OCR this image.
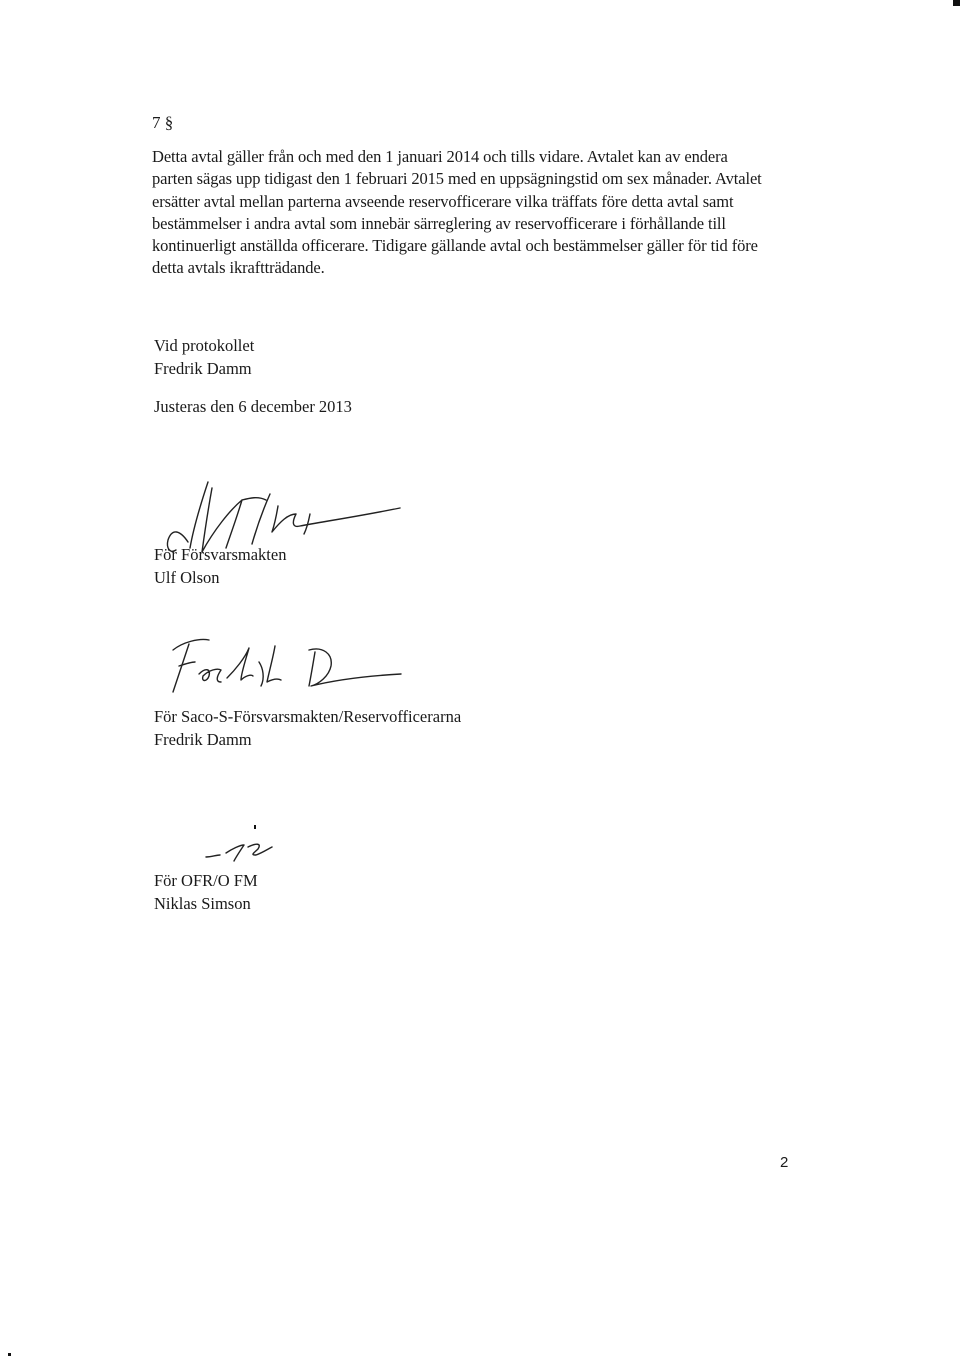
7 §
Detta avtal gäller från och med den 1 januari 2014 och tills vidare. Avtalet kan av endera
parten sägas upp tidigast den 1 februari 2015 med en uppsägningstid om sex månader. Avtalet
ersätter avtal mellan parterna avseende reservofficerare vilka träffats före detta avtal samt
bestämmelser i andra avtal som innebär särreglering av reservofficerare i förhållande till
kontinuerligt anställda officerare. Tidigare gällande avtal och bestämmelser gäller för tid före
detta avtals ikraftträdande.
Vid protokollet
Fredrik Damm
Justeras den 6 december 2013
För Försvarsmakten
Ulf Olson
För Saco-S-Försvarsmakten/Reservofficerarna
Fredrik Damm
För OFR/O FM
Niklas Simson
2
